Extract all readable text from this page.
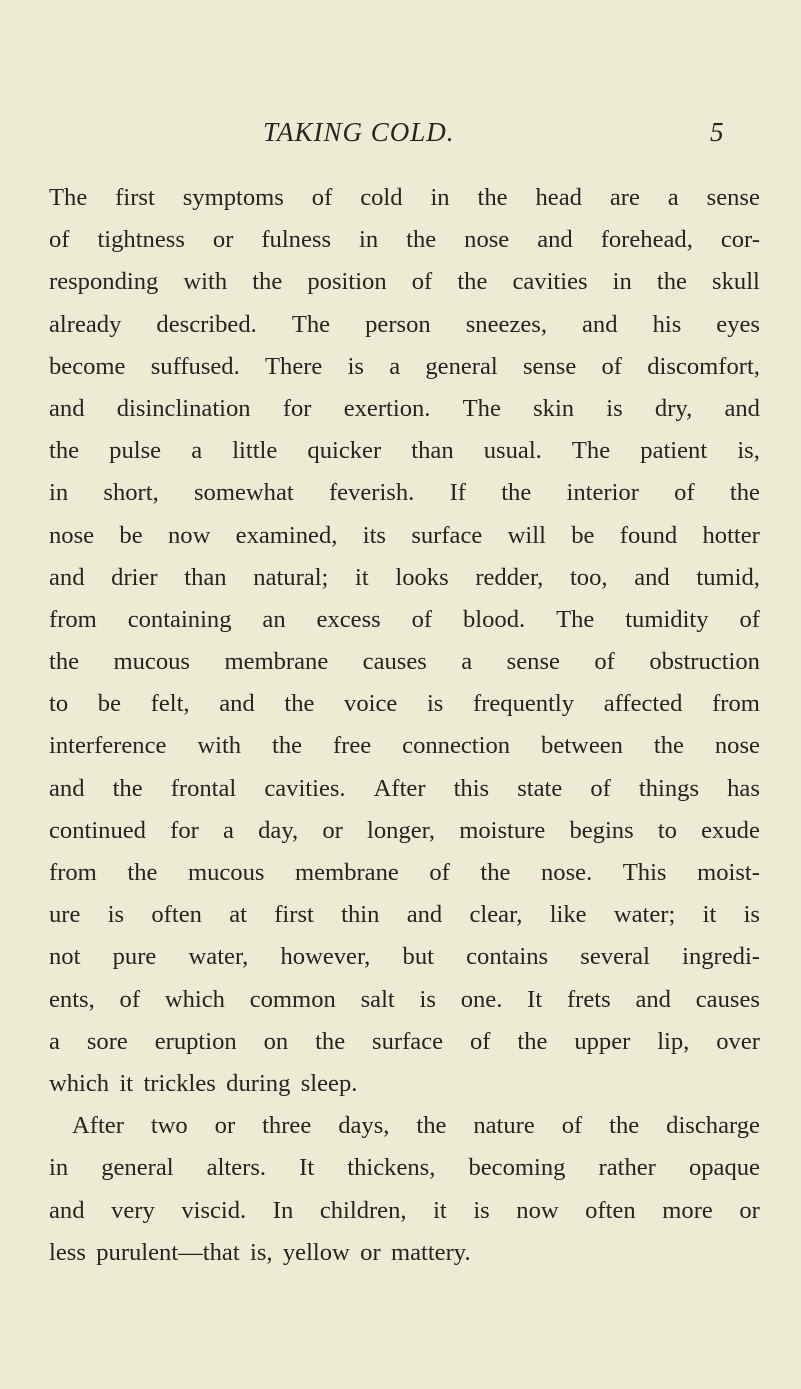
TAKING COLD.	5
The first symptoms of cold in the head are a sense
of tightness or fulness in the nose and forehead, cor-
responding with the position of the cavities in the skull
already described. The person sneezes, and his eyes
become suffused. There is a general sense of discomfort,
and disinclination for exertion. The skin is dry, and
the pulse a little quicker than usual. The patient is,
in short, somewhat feverish. If the interior of the
nose be now examined, its surface will be found hotter
and drier than natural; it looks redder, too, and tumid,
from containing an excess of blood. The tumidity of
the mucous membrane causes a sense of obstruction
to be felt, and the voice is frequently affected from
interference with the free connection between the nose
and the frontal cavities. After this state of things has
continued for a day, or longer, moisture begins to exude
from the mucous membrane of the nose. This moist-
ure is often at first thin and clear, like water; it is
not pure water, however, but contains several ingredi-
ents, of which common salt is one. It frets and causes
a sore eruption on the surface of the upper lip, over
which it trickles during sleep.
After two or three days, the nature of the discharge
in general alters. It thickens, becoming rather opaque
and very viscid. In children, it is now often more or
less purulent—that is, yellow or mattery.
